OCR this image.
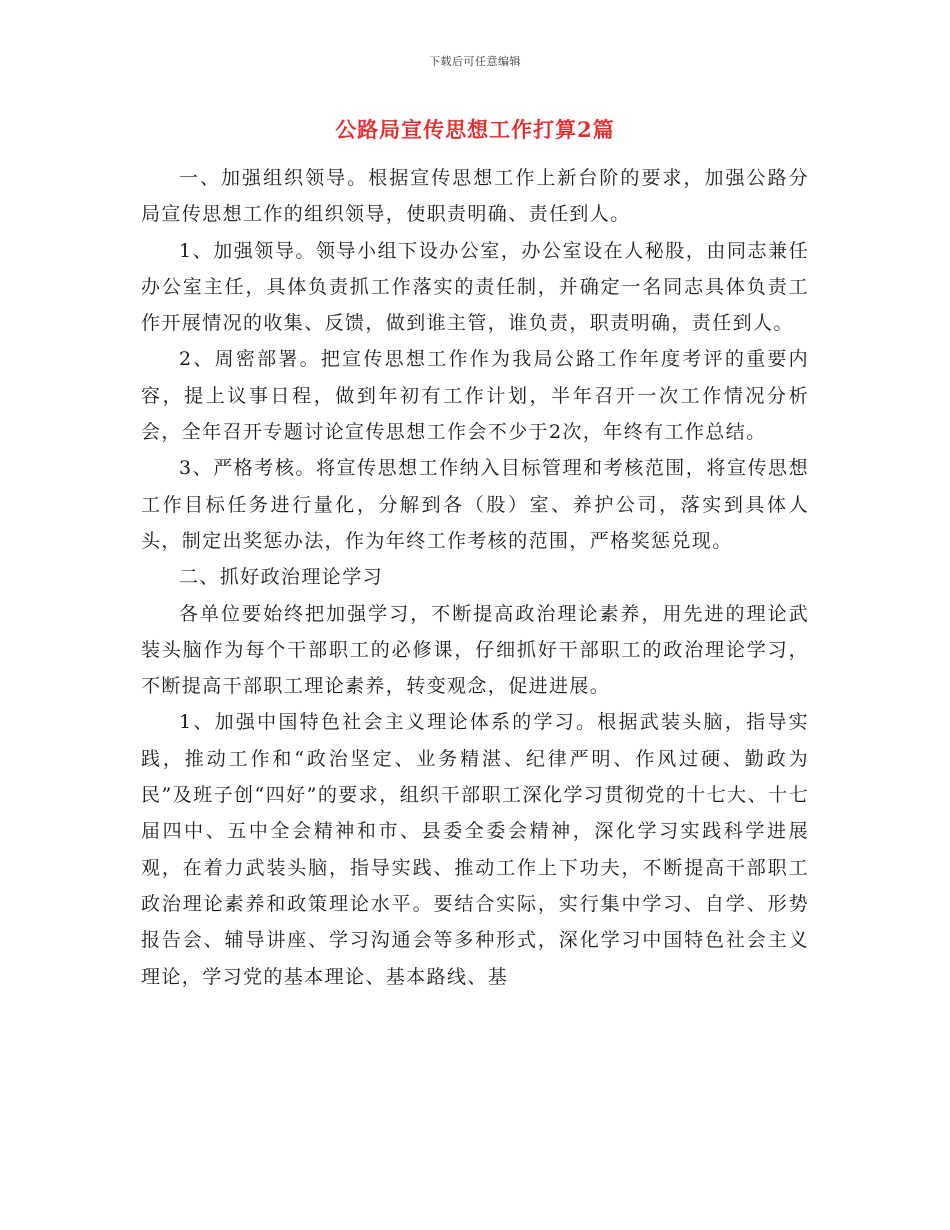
下载后可任意编辑
公路局宣传思想工作打算2篇

一、加强组织领导。根据宣传思想工作上新台阶的要求，加强公路分局宣传思想工作的组织领导，使职责明确、责任到人。

1、加强领导。领导小组下设办公室，办公室设在人秘股，由同志兼任办公室主任，具体负责抓工作落实的责任制，并确定一名同志具体负责工作开展情况的收集、反馈，做到谁主管，谁负责，职责明确，责任到人。

2、周密部署。把宣传思想工作作为我局公路工作年度考评的重要内容，提上议事日程，做到年初有工作计划，半年召开一次工作情况分析会，全年召开专题讨论宣传思想工作会不少于2次，年终有工作总结。

3、严格考核。将宣传思想工作纳入目标管理和考核范围，将宣传思想工作目标任务进行量化，分解到各（股）室、养护公司，落实到具体人头，制定出奖惩办法，作为年终工作考核的范围，严格奖惩兑现。

二、抓好政治理论学习

各单位要始终把加强学习，不断提高政治理论素养，用先进的理论武装头脑作为每个干部职工的必修课，仔细抓好干部职工的政治理论学习，不断提高干部职工理论素养，转变观念，促进进展。

1、加强中国特色社会主义理论体系的学习。根据武装头脑，指导实践，推动工作和“政治坚定、业务精湛、纪律严明、作风过硬、勤政为民”及班子创“四好”的要求，组织干部职工深化学习贯彻党的十七大、十七届四中、五中全会精神和市、县委全委会精神，深化学习实践科学进展观，在着力武装头脑，指导实践、推动工作上下功夫，不断提高干部职工政治理论素养和政策理论水平。要结合实际，实行集中学习、自学、形势报告会、辅导讲座、学习沟通会等多种形式，深化学习中国特色社会主义理论，学习党的基本理论、基本路线、基
